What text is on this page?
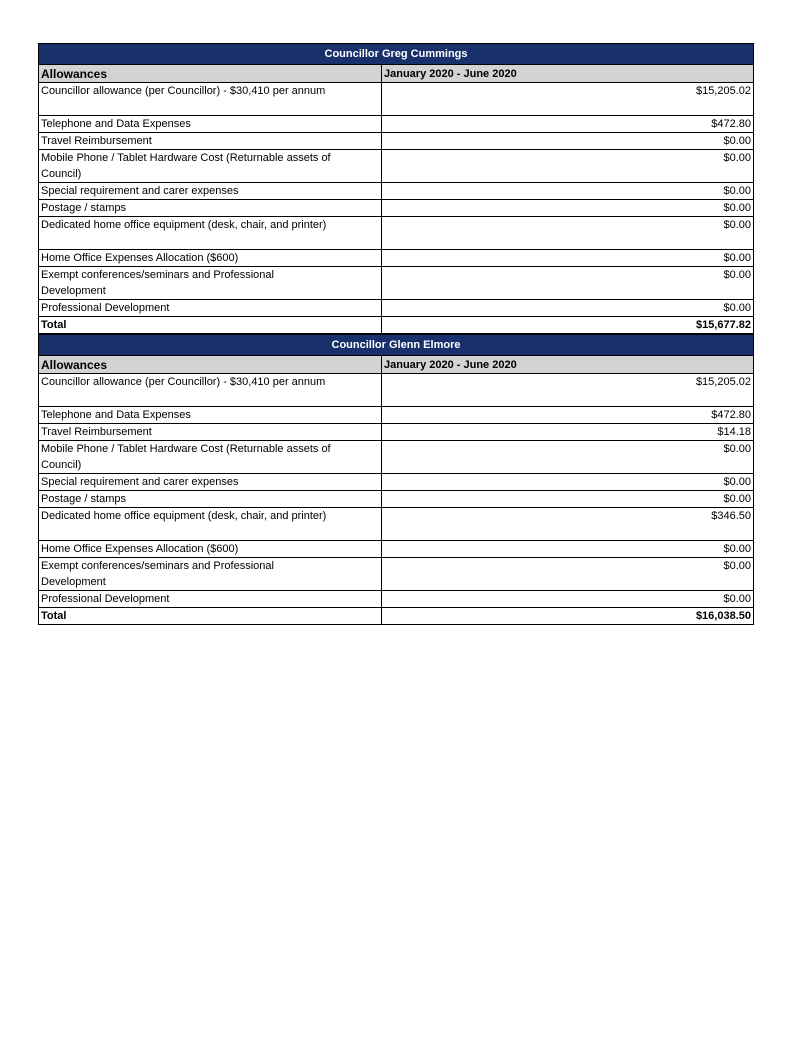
Councillor Greg Cummings	
Allowances	January 2020 - June 2020
Councillor allowance (per Councillor) - $30,410 per annum	$15,205.02
Telephone and Data Expenses	$472.80
Travel Reimbursement	$0.00
Mobile Phone / Tablet Hardware Cost (Returnable assets of Council)	$0.00
Special requirement and carer expenses	$0.00
Postage / stamps	$0.00
Dedicated home office equipment (desk, chair, and printer)	$0.00
Home Office Expenses Allocation ($600)	$0.00
Exempt conferences/seminars and Professional Development	$0.00
Professional Development	$0.00
Total	$15,677.82
Councillor Glenn Elmore	
Allowances	January 2020 - June 2020
Councillor allowance (per Councillor) - $30,410 per annum	$15,205.02
Telephone and Data Expenses	$472.80
Travel Reimbursement	$14.18
Mobile Phone / Tablet Hardware Cost (Returnable assets of Council)	$0.00
Special requirement and carer expenses	$0.00
Postage / stamps	$0.00
Dedicated home office equipment (desk, chair, and printer)	$346.50
Home Office Expenses Allocation ($600)	$0.00
Exempt conferences/seminars and Professional Development	$0.00
Professional Development	$0.00
Total	$16,038.50
